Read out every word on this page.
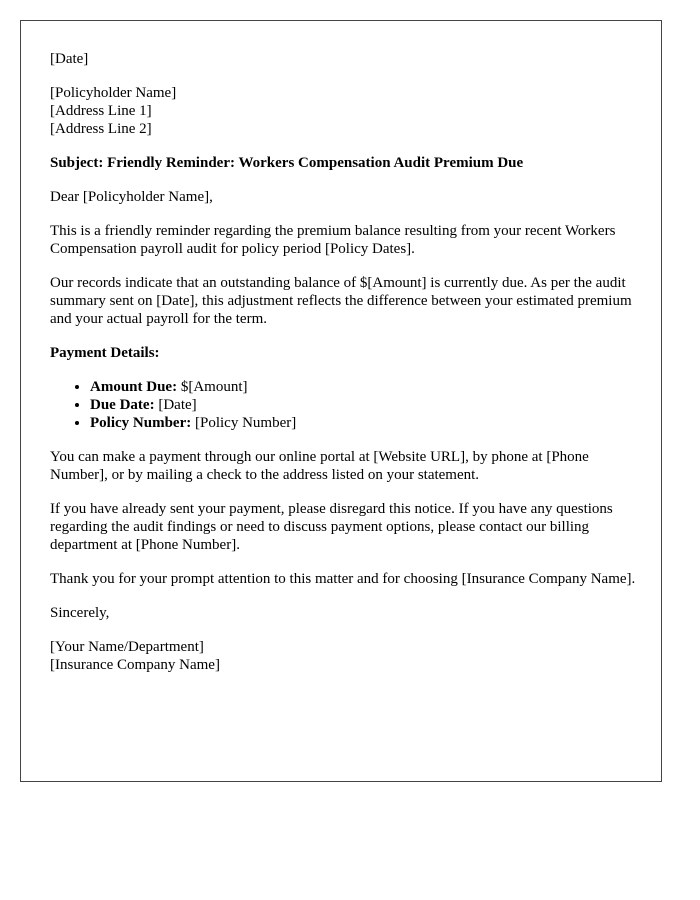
[Date]

[Policyholder Name]
[Address Line 1]
[Address Line 2]

Subject: Friendly Reminder: Workers Compensation Audit Premium Due

Dear [Policyholder Name],

This is a friendly reminder regarding the premium balance resulting from your recent Workers Compensation payroll audit for policy period [Policy Dates].

Our records indicate that an outstanding balance of $[Amount] is currently due. As per the audit summary sent on [Date], this adjustment reflects the difference between your estimated premium and your actual payroll for the term.

Payment Details:

• Amount Due: $[Amount]
• Due Date: [Date]
• Policy Number: [Policy Number]

You can make a payment through our online portal at [Website URL], by phone at [Phone Number], or by mailing a check to the address listed on your statement.

If you have already sent your payment, please disregard this notice. If you have any questions regarding the audit findings or need to discuss payment options, please contact our billing department at [Phone Number].

Thank you for your prompt attention to this matter and for choosing [Insurance Company Name].

Sincerely,

[Your Name/Department]
[Insurance Company Name]
